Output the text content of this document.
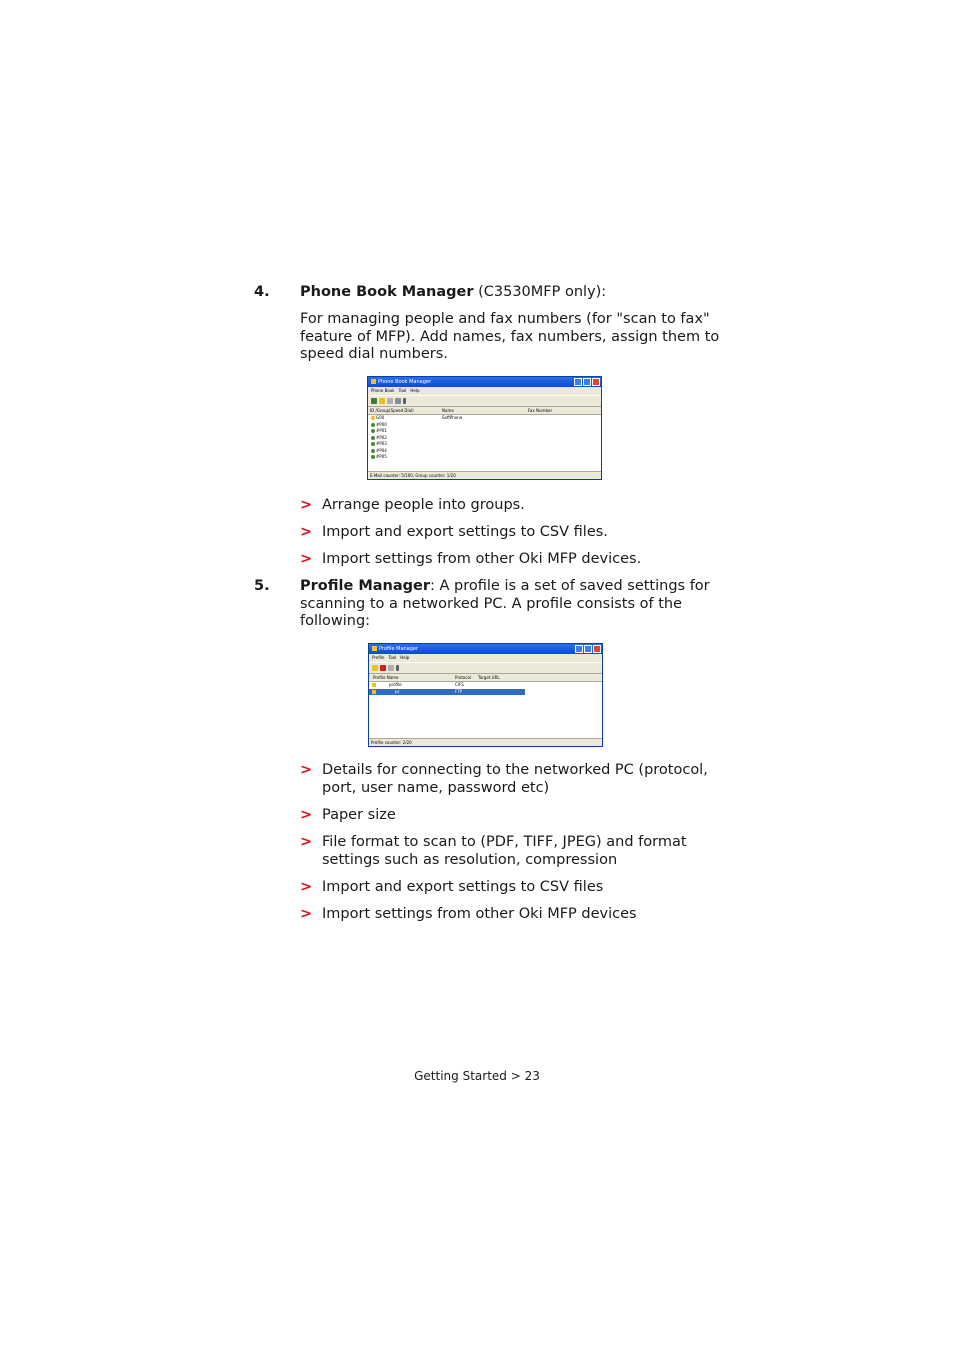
4. Phone Book Manager (C3530MFP only):
For managing people and fax numbers (for "scan to fax"
feature of MFP). Add names, fax numbers, assign them to
speed dial numbers.
Phone Book Manager
Phone Book Tool Help
ID /Group(Speed Dial)	Name	Fax Number
G00	SoftPhone
#P00
#P01
#P02
#P03
#P04
#P05
E-Mail counter: 5/100, Group counter: 1/20
> Arrange people into groups.
> Import and export settings to CSV files.
> Import settings from other Oki MFP devices.
5. Profile Manager: A profile is a set of saved settings for
scanning to a networked PC. A profile consists of the
following:
Profile Manager
Profile Tool Help
Profile Name	Protocol Target URL
profile	CIFS
pc	FTP
Profile counter: 2/20
> Details for connecting to the networked PC (protocol,
port, user name, password etc)
> Paper size
> File format to scan to (PDF, TIFF, JPEG) and format
settings such as resolution, compression
> Import and export settings to CSV files
> Import settings from other Oki MFP devices
Getting Started > 23
